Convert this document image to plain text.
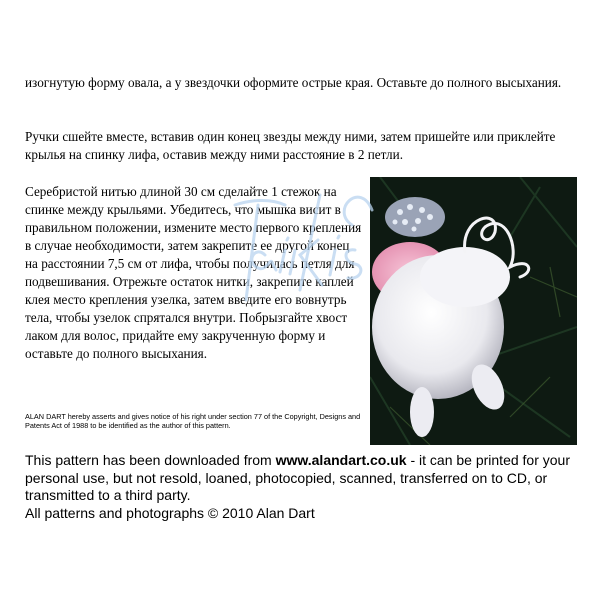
изогнутую форму овала, а у звездочки оформите острые края. Оставьте до полного высыхания.

Ручки сшейте вместе, вставив один конец звезды между ними, затем пришейте или приклейте крылья на спинку лифа, оставив между ними расстояние в 2 петли.

Серебристой нитью длиной 30 см сделайте 1 стежок на спинке между крыльями. Убедитесь, что мышка висит в правильном положении, измените место первого крепления в случае необходимости, затем закрепите ее другой конец на расстоянии 7,5 см от лифа, чтобы получилась петля для подвешивания. Отрежьте остаток нитки, закрепите каплей клея место крепления узелка, затем введите его вовнутрь тела, чтобы узелок спрятался внутри. Побрызгайте хвост лаком для волос, придайте ему закрученную форму и оставьте до полного высыхания.

ALAN DART hereby asserts and gives notice of his right under section 77 of the Copyright, Designs and Patents Act of 1988 to be identified as the author of this pattern.

This pattern has been downloaded from www.alandart.co.uk - it can be printed for your personal use, but not resold, loaned, photocopied, scanned, transferred on to CD, or transmitted to a third party.
All patterns and photographs © 2010 Alan Dart
